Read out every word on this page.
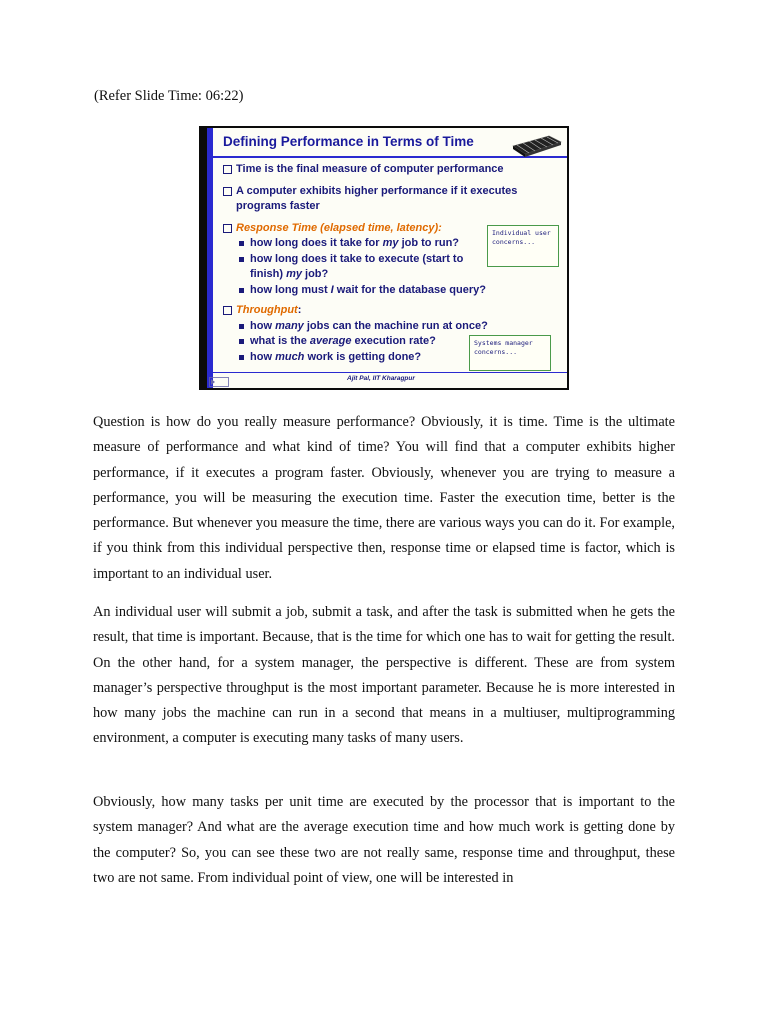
(Refer Slide Time: 06:22)
Defining Performance in Terms of Time
Time is the final measure of computer performance
A computer exhibits higher performance if it executes
programs faster
Response Time (elapsed time, latency):
how long does it take for my job to run?
how long does it take to execute (start to
finish) my job?
how long must I wait for the database query?
Throughput:
how many jobs can the machine run at once?
what is the average execution rate?
how much work is getting done?
Individual user
concerns...
Systems manager
concerns...
Ajit Pal, IIT Kharagpur

Question is how do you really measure performance? Obviously, it is time. Time is the ultimate measure of performance and what kind of time? You will find that a computer exhibits higher performance, if it executes a program faster. Obviously, whenever you are trying to measure a performance, you will be measuring the execution time. Faster the execution time, better is the performance. But whenever you measure the time, there are various ways you can do it. For example, if you think from this individual perspective then, response time or elapsed time is factor, which is important to an individual user.

An individual user will submit a job, submit a task, and after the task is submitted when he gets the result, that time is important. Because, that is the time for which one has to wait for getting the result. On the other hand, for a system manager, the perspective is different. These are from system manager’s perspective throughput is the most important parameter. Because he is more interested in how many jobs the machine can run in a second that means in a multiuser, multiprogramming environment, a computer is executing many tasks of many users.

Obviously, how many tasks per unit time are executed by the processor that is important to the system manager? And what are the average execution time and how much work is getting done by the computer? So, you can see these two are not really same, response time and throughput, these two are not same. From individual point of view, one will be interested in
